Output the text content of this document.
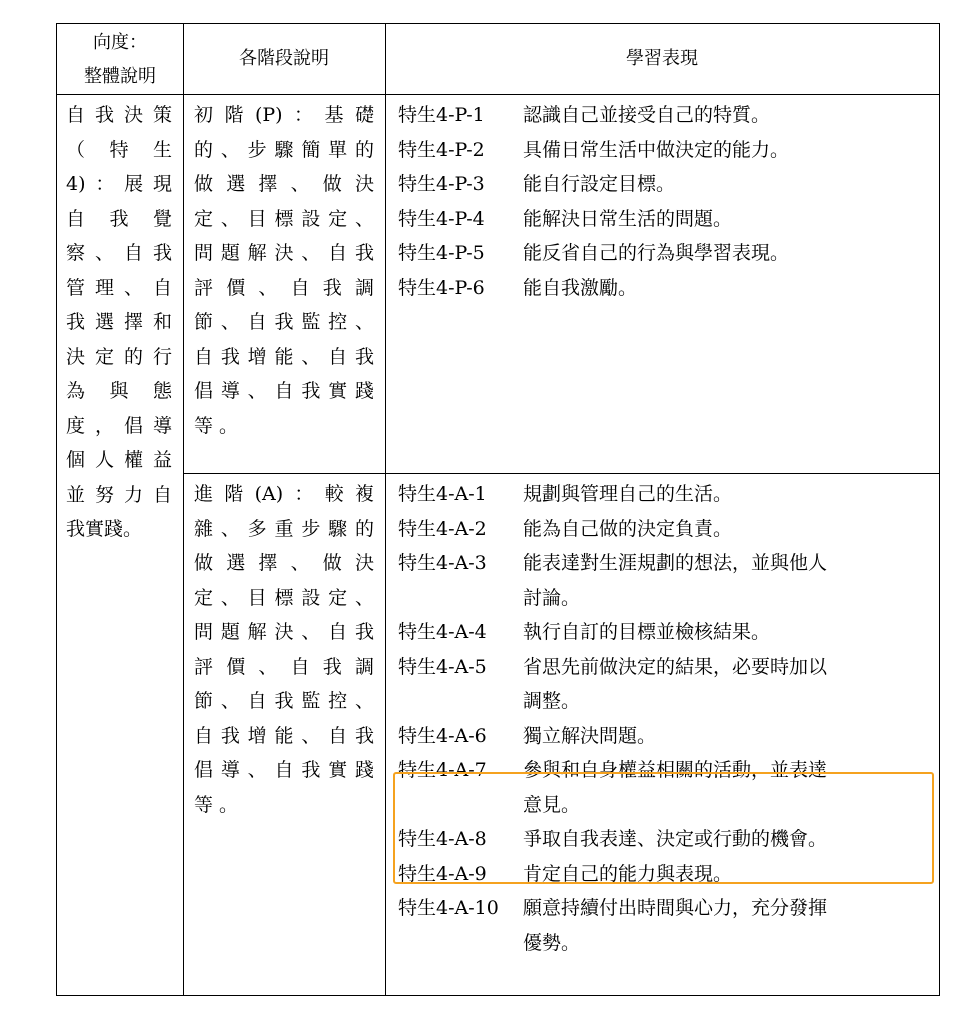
向度：
整體說明
各階段說明	學習表現
自我決策
（ 特 生
4)：展現
自 我 覺
察、自我
管理、自
我選擇和
決定的行
為 與 態
度，倡導
個人權益
並努力自
我實踐。
初階(P)：基礎
的、步驟簡單的
做選擇、做決
定、目標設定、
問題解決、自我
評價、自我調
節、自我監控、
自我增能、自我
倡導、自我實踐
等 。
進階(A)：較複
雜、多重步驟的
做選擇、做決
定、目標設定、
問題解決、自我
評價、自我調
節、自我監控、
自我增能、自我
倡導、自我實踐
等 。
特生4-P-1 認識自己並接受自己的特質。
特生4-P-2 具備日常生活中做決定的能力。
特生4-P-3 能自行設定目標。
特生4-P-4 能解決日常生活的問題。
特生4-P-5 能反省自己的行為與學習表現。
特生4-P-6 能自我激勵。
特生4-A-1 規劃與管理自己的生活。
特生4-A-2 能為自己做的決定負責。
特生4-A-3 能表達對生涯規劃的想法，並與他人
討論。
特生4-A-4 執行自訂的目標並檢核結果。
特生4-A-5 省思先前做決定的結果，必要時加以
調整。
特生4-A-6 獨立解決問題。
特生4-A-7 參與和自身權益相關的活動，並表達
意見。
特生4-A-8 爭取自我表達、決定或行動的機會。
特生4-A-9 肯定自己的能力與表現。
特生4-A-10 願意持續付出時間與心力，充分發揮
優勢。
